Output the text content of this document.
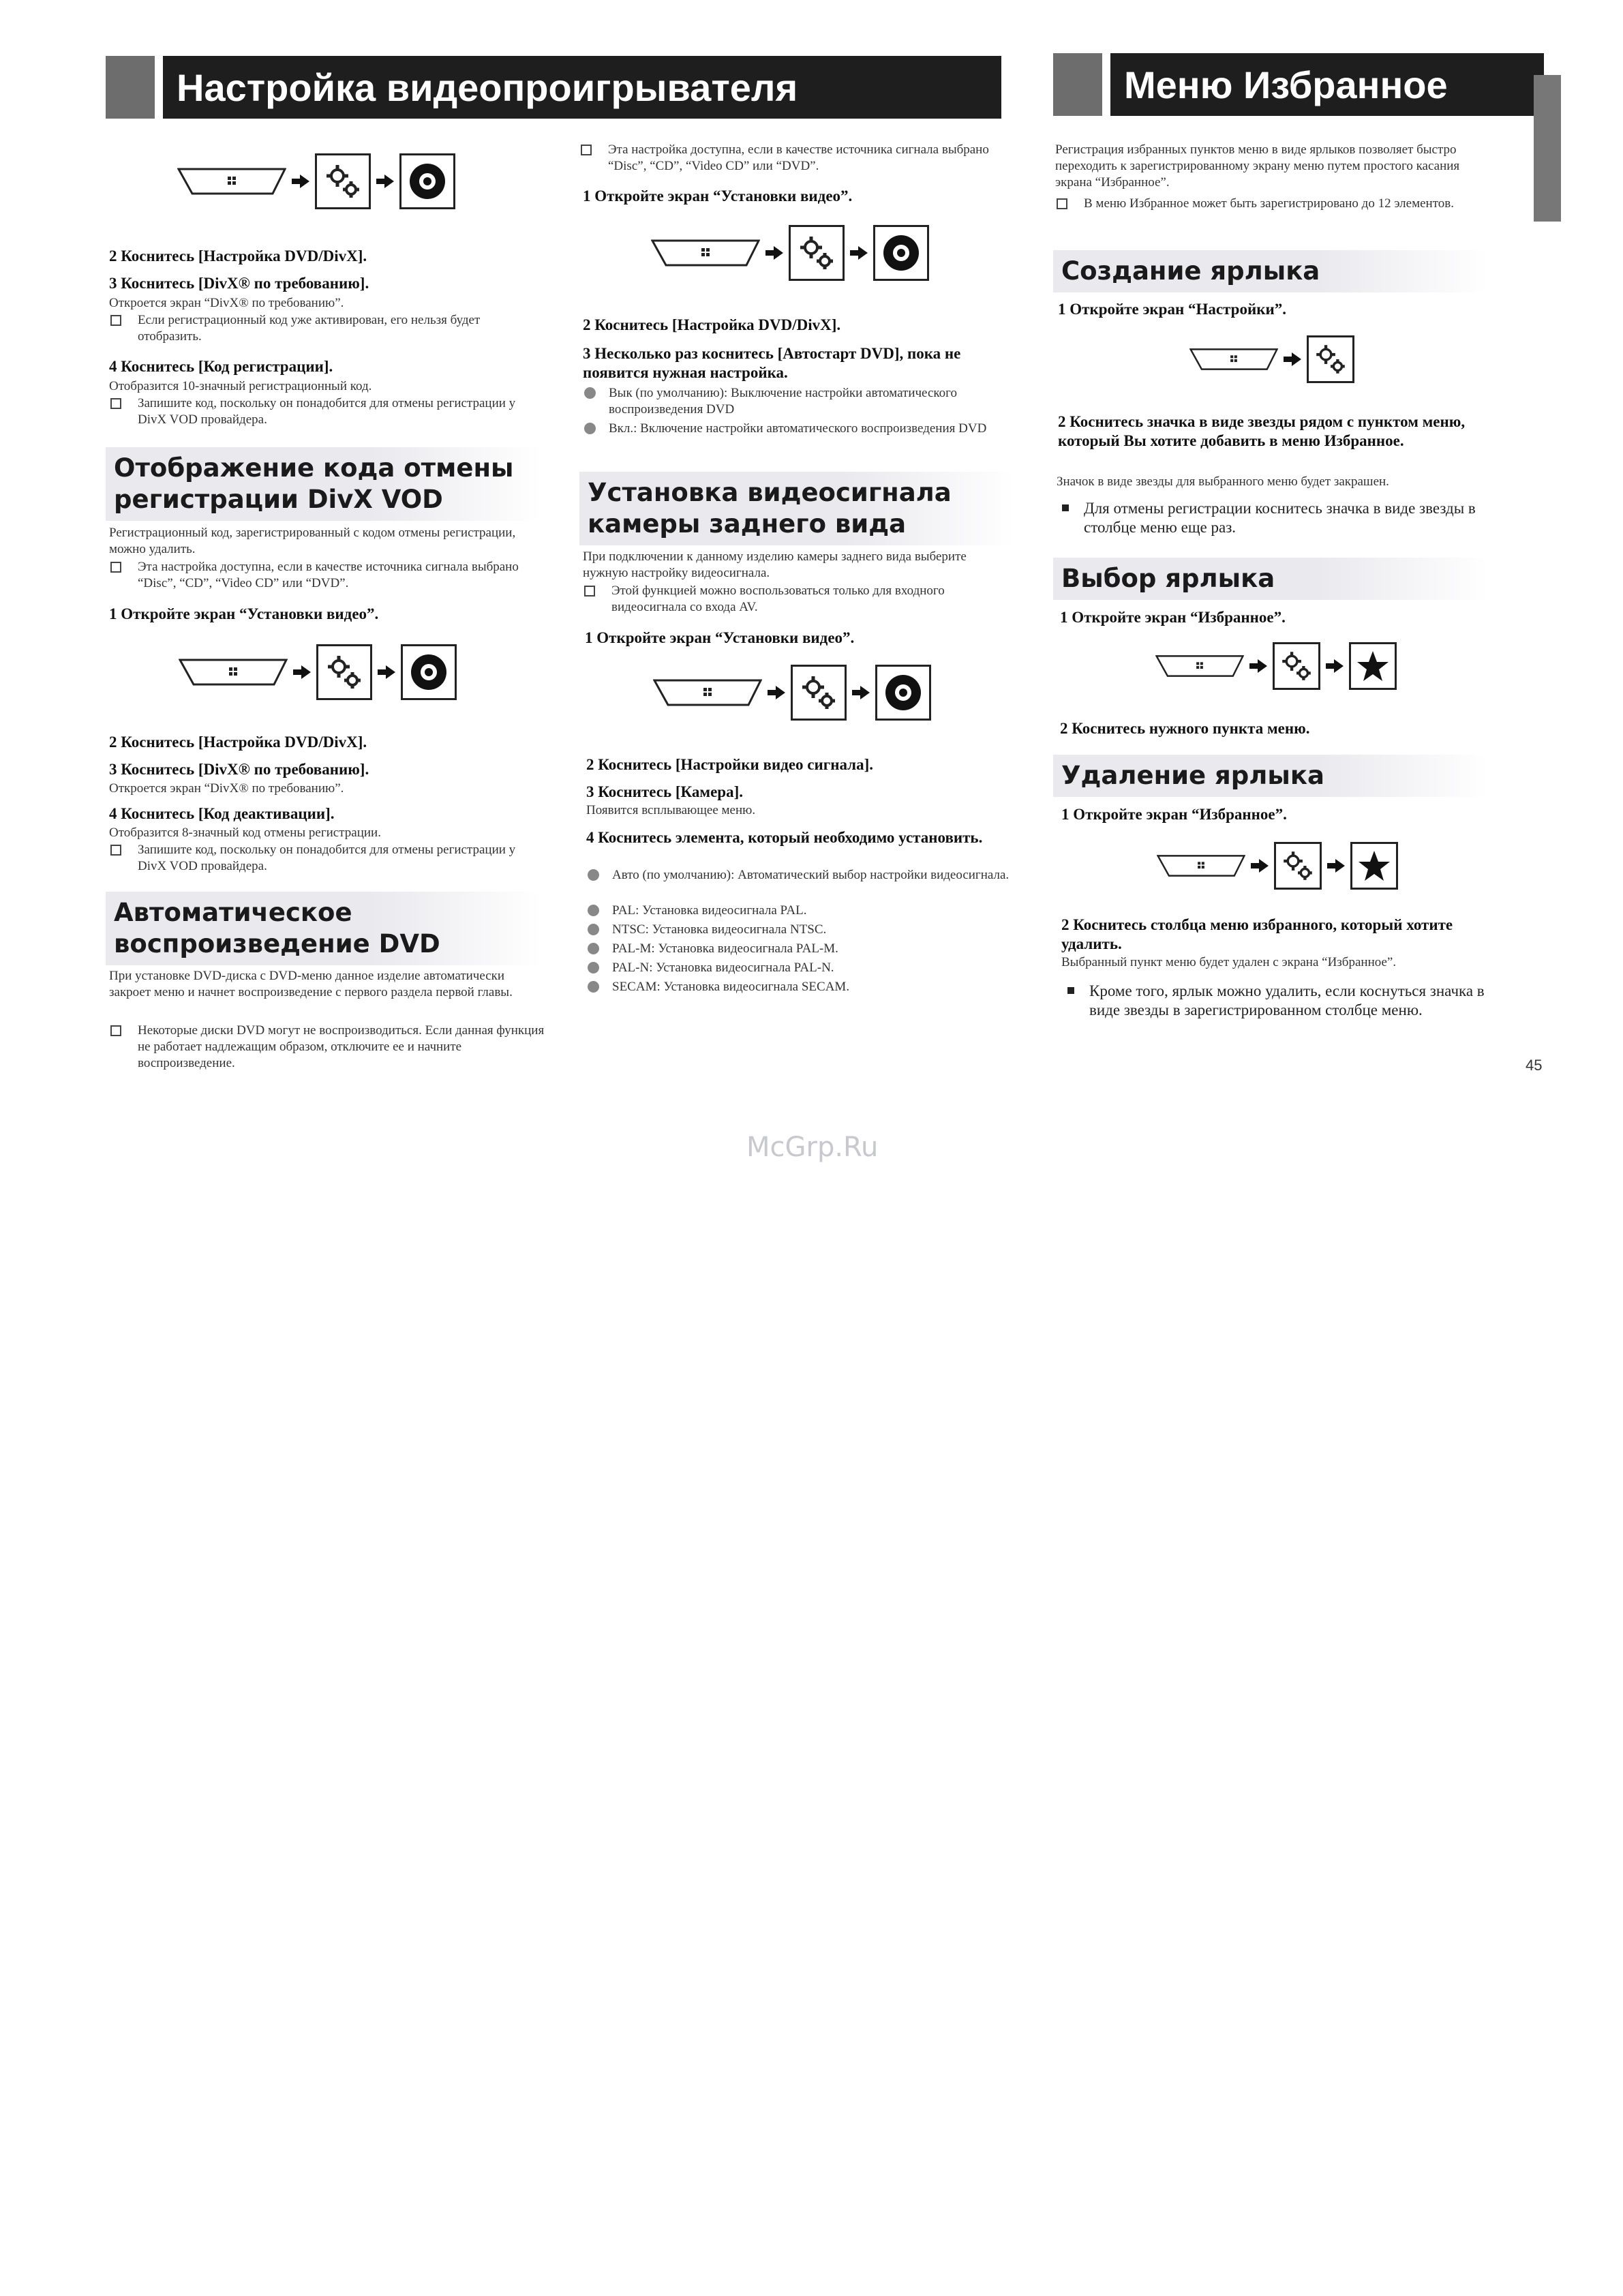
Настройка видеопроигрывателя	Меню Избранное
2 Коснитесь [Настройка DVD/DivX].
3 Коснитесь [DivX® по требованию].
Откроется экран “DivX® по требованию”.
Если регистрационный код уже активирован, его нельзя будет отобразить.
4 Коснитесь [Код регистрации].
Отобразится 10-значный регистрационный код.
Запишите код, поскольку он понадобится для отмены регистрации у DivX VOD провайдера.
Отображение кода отмены регистрации DivX VOD
Регистрационный код, зарегистрированный с кодом отмены регистрации, можно удалить.
Эта настройка доступна, если в качестве источника сигнала выбрано “Disc”, “CD”, “Video CD” или “DVD”.
1 Откройте экран “Установки видео”.
2 Коснитесь [Настройка DVD/DivX].
3 Коснитесь [DivX® по требованию].
Откроется экран “DivX® по требованию”.
4 Коснитесь [Код деактивации].
Отобразится 8-значный код отмены регистрации.
Запишите код, поскольку он понадобится для отмены регистрации у DivX VOD провайдера.
Автоматическое воспроизведение DVD
При установке DVD-диска с DVD-меню данное изделие автоматически закроет меню и начнет воспроизведение с первого раздела первой главы.
Некоторые диски DVD могут не воспроизводиться. Если данная функция не работает надлежащим образом, отключите ее и начните воспроизведение.
Эта настройка доступна, если в качестве источника сигнала выбрано “Disc”, “CD”, “Video CD” или “DVD”.
1 Откройте экран “Установки видео”.
2 Коснитесь [Настройка DVD/DivX].
3 Несколько раз коснитесь [Автостарт DVD], пока не появится нужная настройка.
Вык (по умолчанию): Выключение настройки автоматического воспроизведения DVD
Вкл.: Включение настройки автоматического воспроизведения DVD
Установка видеосигнала камеры заднего вида
При подключении к данному изделию камеры заднего вида выберите нужную настройку видеосигнала.
Этой функцией можно воспользоваться только для входного видеосигнала со входа AV.
1 Откройте экран “Установки видео”.
2 Коснитесь [Настройки видео сигнала].
3 Коснитесь [Камера].
Появится всплывающее меню.
4 Коснитесь элемента, который необходимо установить.
Авто (по умолчанию): Автоматический выбор настройки видеосигнала.
PAL: Установка видеосигнала PAL.
NTSC: Установка видеосигнала NTSC.
PAL-M: Установка видеосигнала PAL-M.
PAL-N: Установка видеосигнала PAL-N.
SECAM: Установка видеосигнала SECAM.
Регистрация избранных пунктов меню в виде ярлыков позволяет быстро переходить к зарегистрированному экрану меню путем простого касания экрана “Избранное”.
В меню Избранное может быть зарегистрировано до 12 элементов.
Создание ярлыка
1 Откройте экран “Настройки”.
2 Коснитесь значка в виде звезды рядом с пунктом меню, который Вы хотите добавить в меню Избранное.
Значок в виде звезды для выбранного меню будет закрашен.
Для отмены регистрации коснитесь значка в виде звезды в столбце меню еще раз.
Выбор ярлыка
1 Откройте экран “Избранное”.
2 Коснитесь нужного пункта меню.
Удаление ярлыка
1 Откройте экран “Избранное”.
2 Коснитесь столбца меню избранного, который хотите удалить.
Выбранный пункт меню будет удален с экрана “Избранное”.
Кроме того, ярлык можно удалить, если коснуться значка в виде звезды в зарегистрированном столбце меню.
45
McGrp.Ru
